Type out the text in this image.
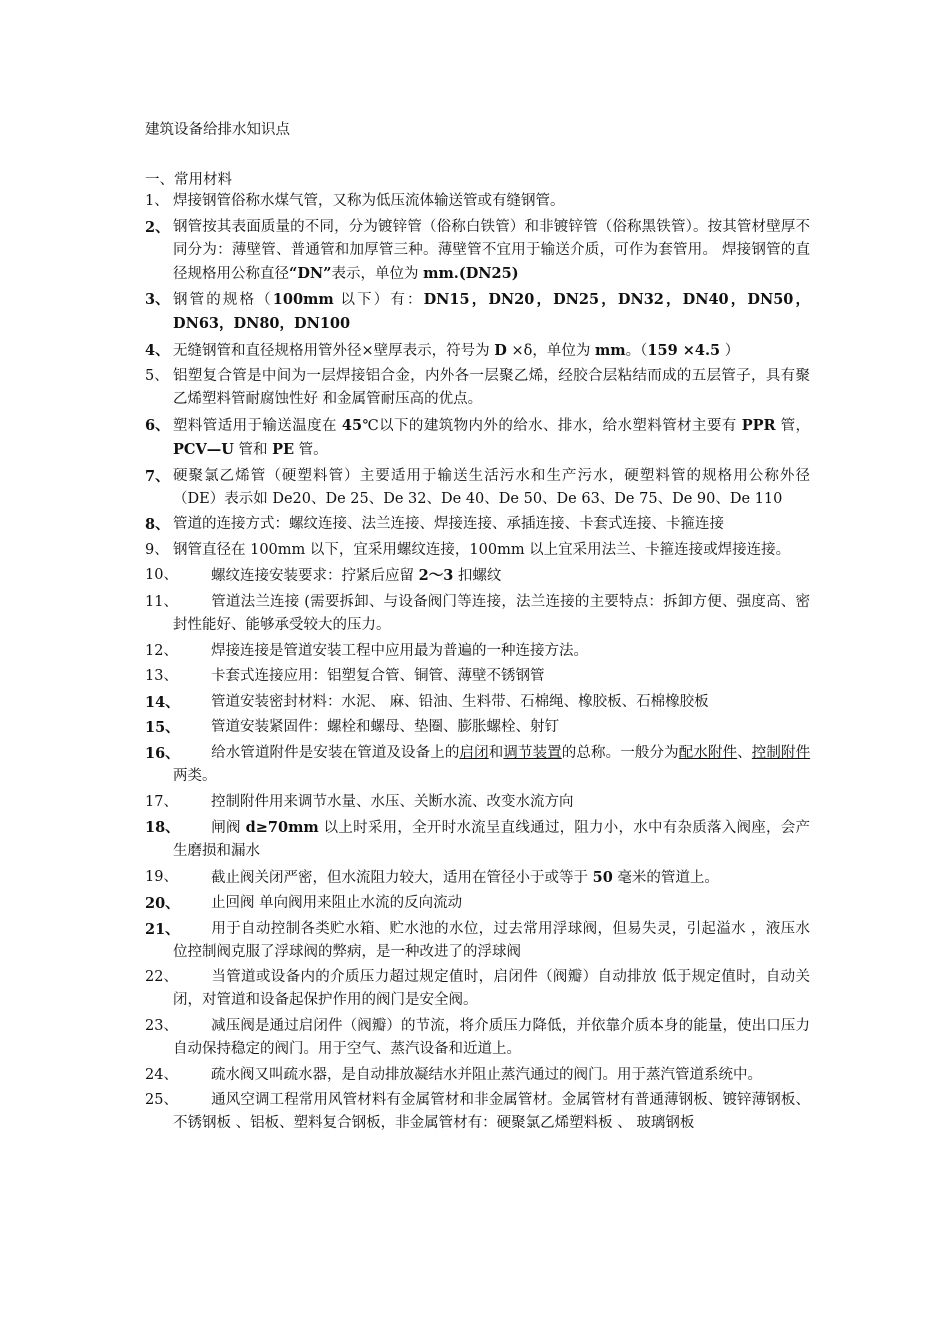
建筑设备给排水知识点
一、常用材料
1、 焊接钢管俗称水煤气管，又称为低压流体输送管或有缝钢管。
2、 钢管按其表面质量的不同，分为镀锌管（俗称白铁管）和非镀锌管（俗称黑铁管）。按其管材壁厚不同分为：薄壁管、普通管和加厚管三种。薄壁管不宜用于输送介质，可作为套管用。 焊接钢管的直径规格用公称直径“DN”表示，单位为 mm.(DN25)
3、 钢管的规格（100mm 以下）有：DN15，DN20，DN25，DN32，DN40，DN50，DN63，DN80，DN100
4、 无缝钢管和直径规格用管外径×壁厚表示，符号为 D ×δ，单位为 mm。（159 ×4.5 ）
5、 铝塑复合管是中间为一层焊接铝合金，内外各一层聚乙烯，经胶合层粘结而成的五层管子，具有聚乙烯塑料管耐腐蚀性好 和金属管耐压高的优点。
6、 塑料管适用于输送温度在 45℃以下的建筑物内外的给水、排水，给水塑料管材主要有 PPR 管，PCV—U 管和 PE 管。
7、 硬聚氯乙烯管（硬塑料管）主要适用于输送生活污水和生产污水，硬塑料管的规格用公称外径（DE）表示如 De20、De 25、De 32、De 40、De 50、De 63、De 75、De 90、De 110
8、 管道的连接方式：螺纹连接、法兰连接、焊接连接、承插连接、卡套式连接、卡箍连接
9、 钢管直径在 100mm 以下，宜采用螺纹连接，100mm 以上宜采用法兰、卡箍连接或焊接连接。
10、	螺纹连接安装要求：拧紧后应留 2～3 扣螺纹
11、	管道法兰连接 (需要拆卸、与设备阀门等连接，法兰连接的主要特点：拆卸方便、强度高、密封性能好、能够承受较大的压力。
12、	焊接连接是管道安装工程中应用最为普遍的一种连接方法。
13、	卡套式连接应用：铝塑复合管、铜管、薄壁不锈钢管
14、	管道安装密封材料：水泥、 麻、铅油、生料带、石棉绳、橡胶板、石棉橡胶板
15、	管道安装紧固件：螺栓和螺母、垫圈、膨胀螺栓、射钉
16、	给水管道附件是安装在管道及设备上的启闭和调节装置的总称。一般分为配水附件、控制附件两类。
17、	控制附件用来调节水量、水压、关断水流、改变水流方向
18、	闸阀 d≥70mm 以上时采用，全开时水流呈直线通过，阻力小，水中有杂质落入阀座，会产生磨损和漏水
19、	截止阀关闭严密，但水流阻力较大，适用在管径小于或等于 50 毫米的管道上。
20、	止回阀 单向阀用来阻止水流的反向流动
21、	用于自动控制各类贮水箱、贮水池的水位，过去常用浮球阀，但易失灵，引起溢水 ，液压水位控制阀克服了浮球阀的弊病，是一种改进了的浮球阀
22、	当管道或设备内的介质压力超过规定值时，启闭件（阀瓣）自动排放 低于规定值时，自动关闭，对管道和设备起保护作用的阀门是安全阀。
23、	减压阀是通过启闭件（阀瓣）的节流，将介质压力降低，并依靠介质本身的能量，使出口压力自动保持稳定的阀门。用于空气、蒸汽设备和近道上。
24、	疏水阀又叫疏水器，是自动排放凝结水并阻止蒸汽通过的阀门。用于蒸汽管道系统中。
25、	通风空调工程常用风管材料有金属管材和非金属管材。金属管材有普通薄钢板、镀锌薄钢板、不锈钢板 、铝板、塑料复合钢板，非金属管材有：硬聚氯乙烯塑料板 、 玻璃钢板
